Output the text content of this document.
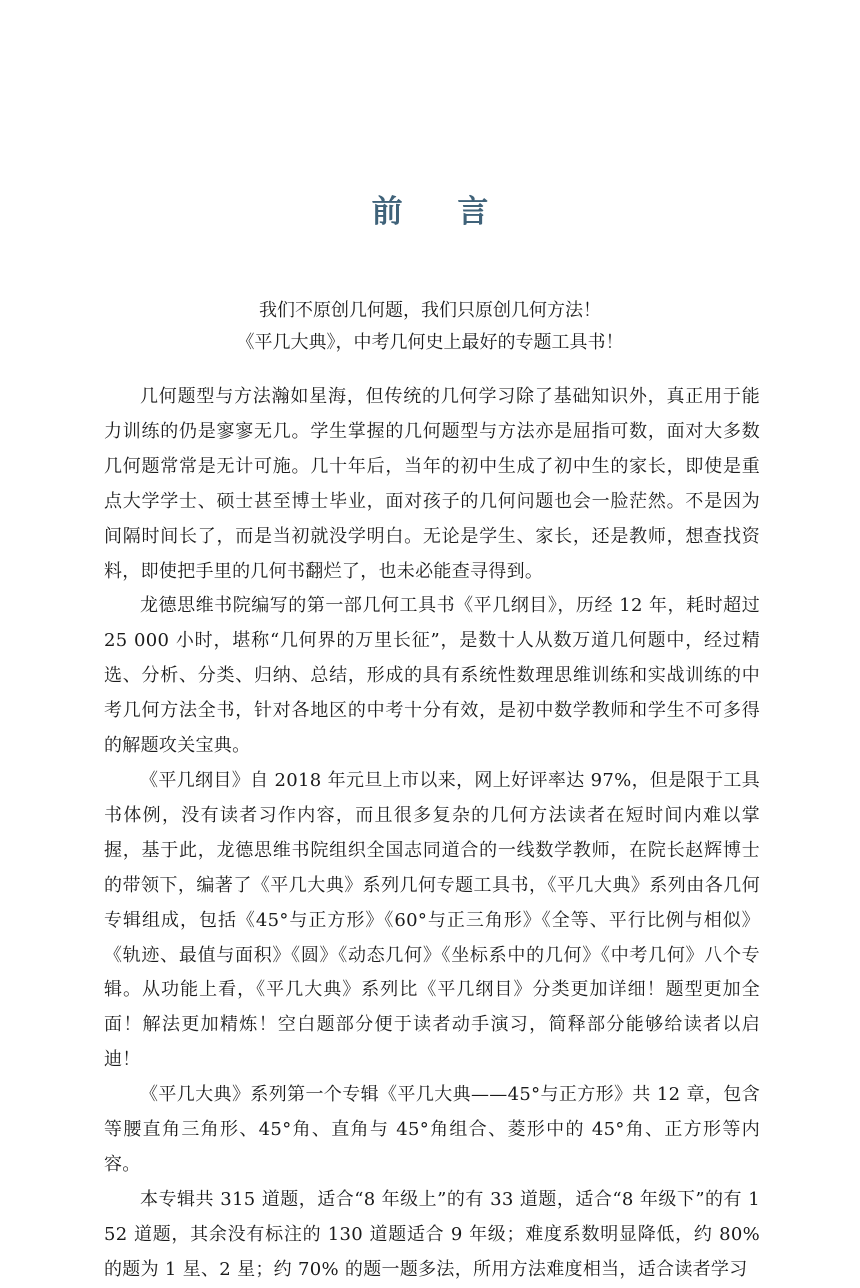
前 言

我们不原创几何题，我们只原创几何方法！

《平几大典》，中考几何史上最好的专题工具书！

几何题型与方法瀚如星海，但传统的几何学习除了基础知识外，真正用于能力训练的仍是寥寥无几。学生掌握的几何题型与方法亦是屈指可数，面对大多数几何题常常是无计可施。几十年后，当年的初中生成了初中生的家长，即使是重点大学学士、硕士甚至博士毕业，面对孩子的几何问题也会一脸茫然。不是因为间隔时间长了，而是当初就没学明白。无论是学生、家长，还是教师，想查找资料，即使把手里的几何书翻烂了，也未必能查寻得到。

龙德思维书院编写的第一部几何工具书《平几纲目》，历经 12 年，耗时超过 25 000 小时，堪称“几何界的万里长征”，是数十人从数万道几何题中，经过精选、分析、分类、归纳、总结，形成的具有系统性数理思维训练和实战训练的中考几何方法全书，针对各地区的中考十分有效，是初中数学教师和学生不可多得的解题攻关宝典。

《平几纲目》自 2018 年元旦上市以来，网上好评率达 97%，但是限于工具书体例，没有读者习作内容，而且很多复杂的几何方法读者在短时间内难以掌握，基于此，龙德思维书院组织全国志同道合的一线数学教师，在院长赵辉博士的带领下，编著了《平几大典》系列几何专题工具书，《平几大典》系列由各几何专辑组成，包括《45°与正方形》《60°与正三角形》《全等、平行比例与相似》《轨迹、最值与面积》《圆》《动态几何》《坐标系中的几何》《中考几何》八个专辑。从功能上看，《平几大典》系列比《平几纲目》分类更加详细！题型更加全面！解法更加精炼！空白题部分便于读者动手演习，简释部分能够给读者以启迪！

《平几大典》系列第一个专辑《平几大典——45°与正方形》共 12 章，包含等腰直角三角形、45°角、直角与 45°角组合、菱形中的 45°角、正方形等内容。

本专辑共 315 道题，适合“8 年级上”的有 33 道题，适合“8 年级下”的有 152 道题，其余没有标注的 130 道题适合 9 年级；难度系数明显降低，约 80% 的题为 1 星、2 星；约 70% 的题一题多法，所用方法难度相当，适合读者学习
